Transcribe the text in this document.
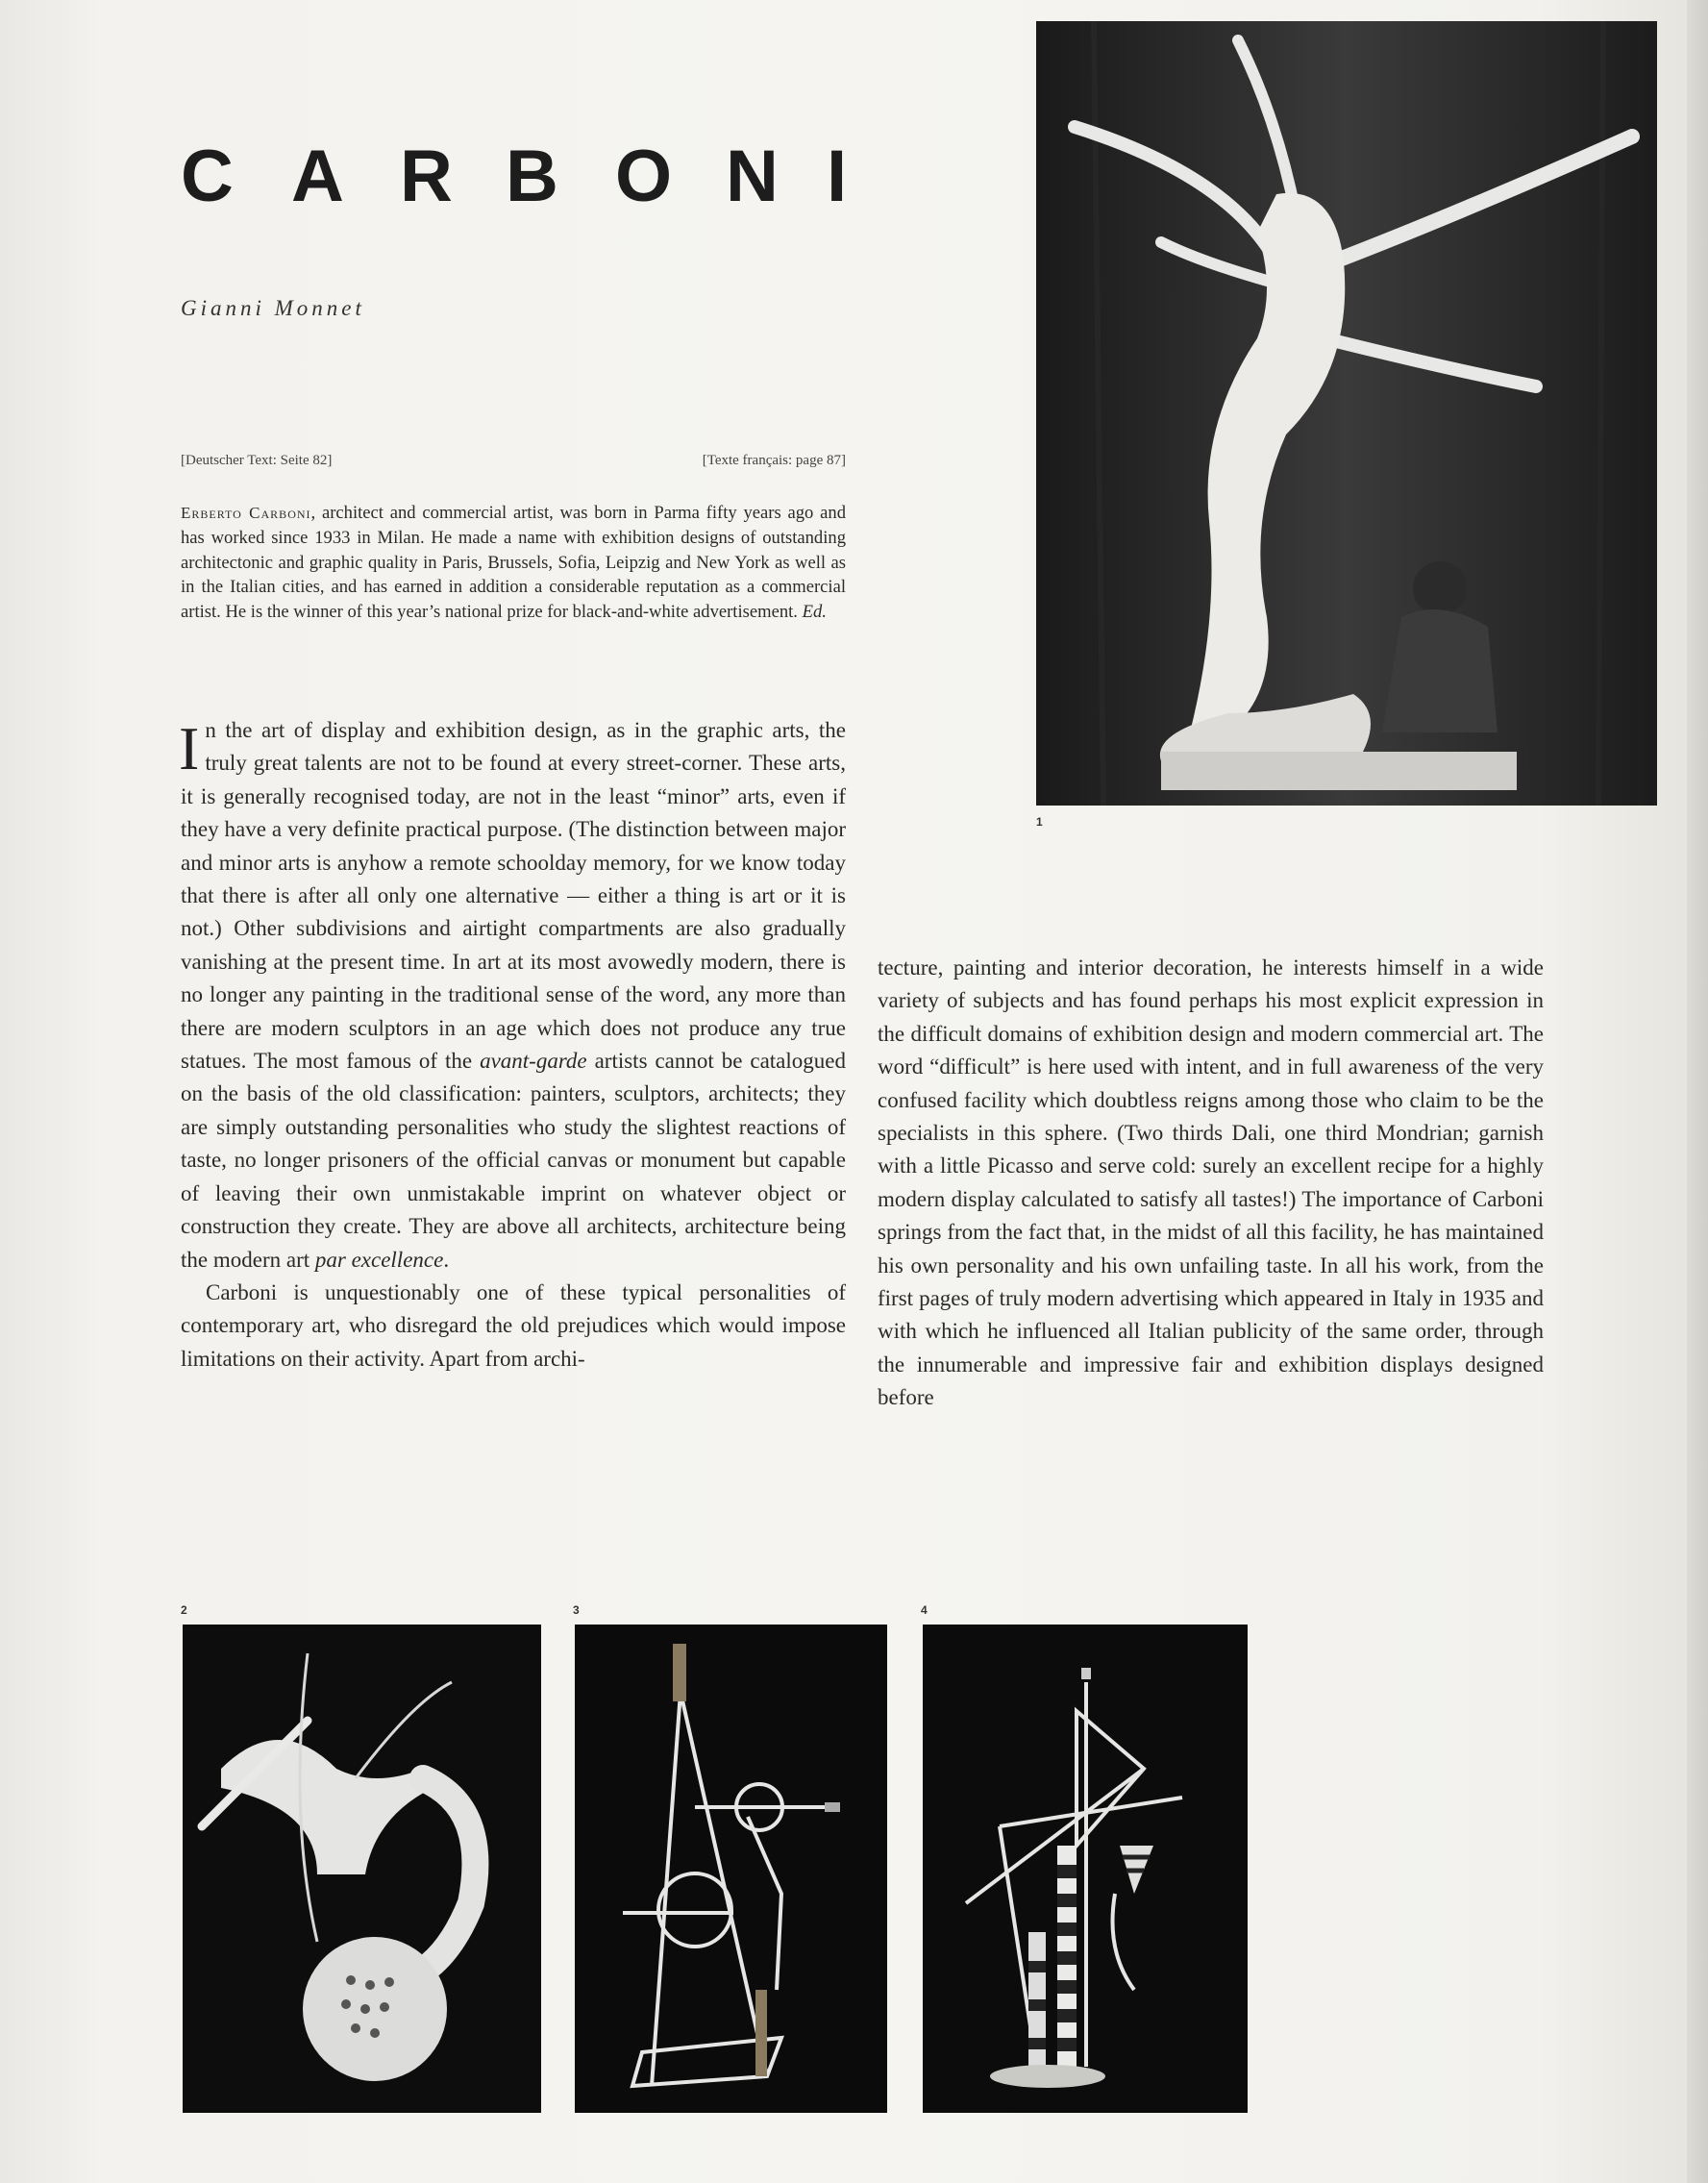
C A R B O N I
Gianni Monnet
[Deutscher Text: Seite 82]	[Texte français: page 87]

Erberto Carboni, architect and commercial artist, was born in Parma fifty years ago and has worked since 1933 in Milan. He made a name with exhibition designs of outstanding architectonic and graphic quality in Paris, Brussels, Sofia, Leipzig and New York as well as in the Italian cities, and has earned in addition a considerable reputation as a commercial artist. He is the winner of this year’s national prize for black-and-white advertisement. Ed.

In the art of display and exhibition design, as in the graphic arts, the truly great talents are not to be found at every street-corner. These arts, it is generally recognised today, are not in the least “minor” arts, even if they have a very definite practical purpose. (The distinction between major and minor arts is anyhow a remote schoolday memory, for we know today that there is after all only one alternative — either a thing is art or it is not.) Other subdivisions and airtight compartments are also gradually vanishing at the present time. In art at its most avowedly modern, there is no longer any painting in the traditional sense of the word, any more than there are modern sculptors in an age which does not produce any true statues. The most famous of the avant-garde artists cannot be catalogued on the basis of the old classification: painters, sculptors, architects; they are simply outstanding personalities who study the slightest reactions of taste, no longer prisoners of the official canvas or monument but capable of leaving their own unmistakable imprint on whatever object or construction they create. They are above all architects, architecture being the modern art par excellence.

Carboni is unquestionably one of these typical personalities of contemporary art, who disregard the old prejudices which would impose limitations on their activity. Apart from archi-

tecture, painting and interior decoration, he interests himself in a wide variety of subjects and has found perhaps his most explicit expression in the difficult domains of exhibition design and modern commercial art. The word “difficult” is here used with intent, and in full awareness of the very confused facility which doubtless reigns among those who claim to be the specialists in this sphere. (Two thirds Dali, one third Mondrian; garnish with a little Picasso and serve cold: surely an excellent recipe for a highly modern display calculated to satisfy all tastes!) The importance of Carboni springs from the fact that, in the midst of all this facility, he has maintained his own personality and his own unfailing taste. In all his work, from the first pages of truly modern advertising which appeared in Italy in 1935 and with which he influenced all Italian publicity of the same order, through the innumerable and impressive fair and exhibition displays designed before

1
2	3	4
